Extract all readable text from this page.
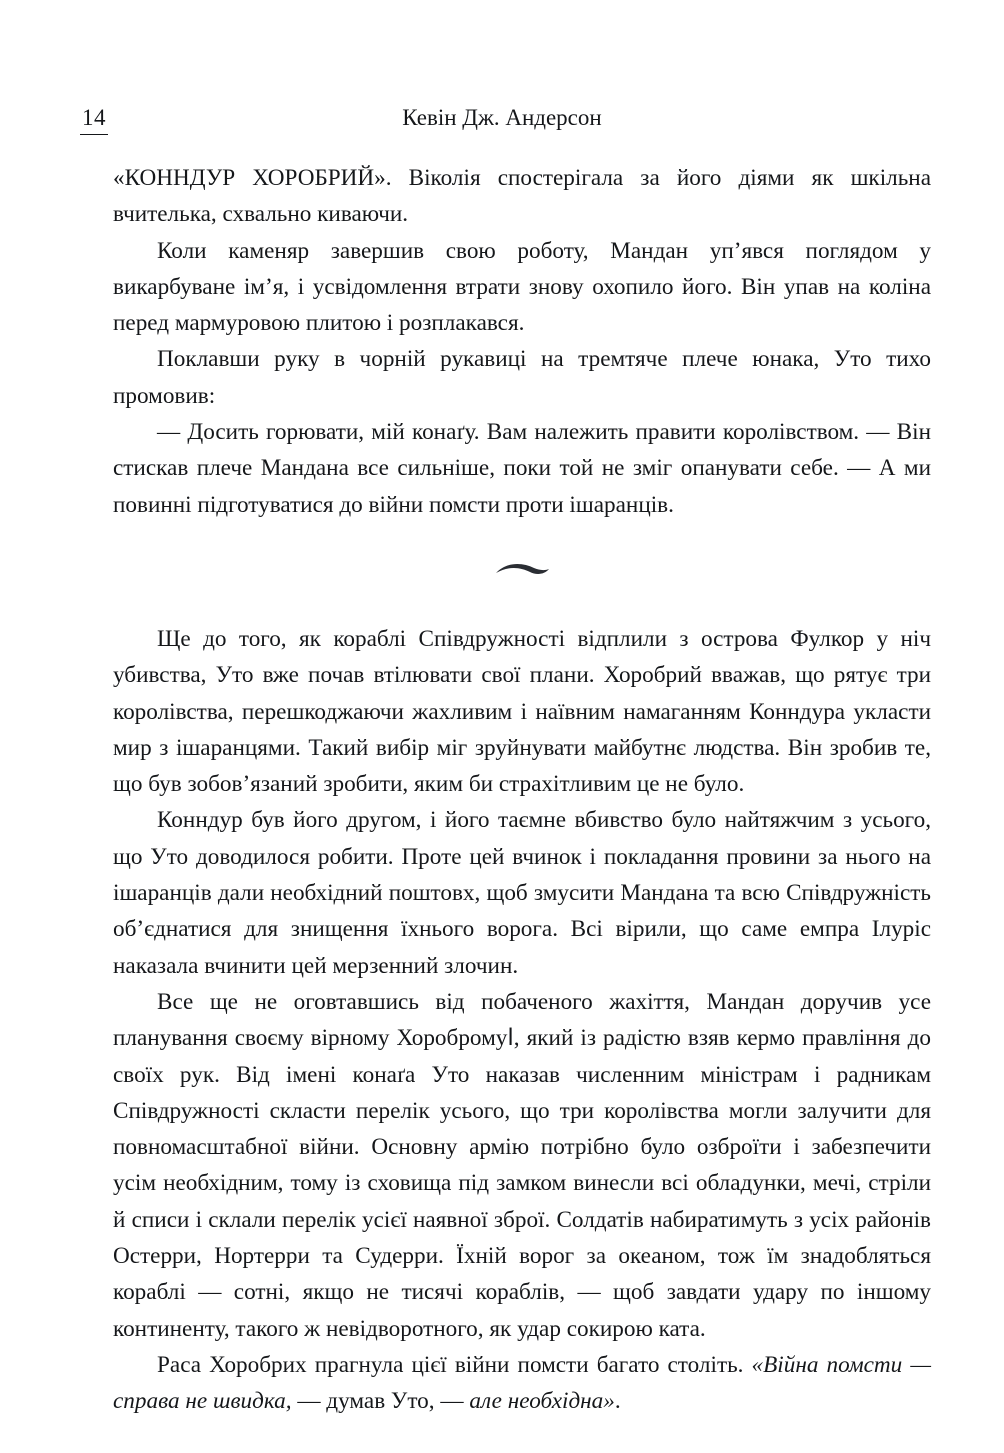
14	Кевін Дж. Андерсон

«КОННДУР ХОРОБРИЙ». Віколія спостерігала за його діями як шкільна вчителька, схвально киваючи.

Коли каменяр завершив свою роботу, Мандан уп’явся поглядом у викарбуване ім’я, і усвідомлення втрати знову охопило його. Він упав на коліна перед мармуровою плитою і розплакався.

Поклавши руку в чорній рукавиці на тремтяче плече юнака, Уто тихо промовив:

— Досить горювати, мій конаґу. Вам належить правити королівством. — Він стискав плече Мандана все сильніше, поки той не зміг опанувати себе. — А ми повинні підготуватися до війни помсти проти ішаранців.

Ще до того, як кораблі Співдружності відплили з острова Фулкор у ніч убивства, Уто вже почав втілювати свої плани. Хоробрий вважав, що рятує три королівства, перешкоджаючи жахливим і наївним намаганням Конндура укласти мир з ішаранцями. Такий вибір міг зруйнувати майбутнє людства. Він зробив те, що був зобов’язаний зробити, яким би страхітливим це не було.

Конндур був його другом, і його таємне вбивство було найтяжчим з усього, що Уто доводилося робити. Проте цей вчинок і покладання провини за нього на ішаранців дали необхідний поштовх, щоб змусити Мандана та всю Співдружність об’єднатися для знищення їхнього ворога. Всі вірили, що саме емпра Ілуріс наказала вчинити цей мерзенний злочин.

Все ще не оговтавшись від побаченого жахіття, Мандан доручив усе планування своєму вірному Хоробромуا, який із радістю взяв кермо правління до своїх рук. Від імені конаґа Уто наказав численним міністрам і радникам Співдружності скласти перелік усього, що три королівства могли залучити для повномасштабної війни. Основну армію потрібно було озброїти і забезпечити усім необхідним, тому із сховища під замком винесли всі обладунки, мечі, стріли й списи і склали перелік усієї наявної зброї. Солдатів набиратимуть з усіх районів Остерри, Нортерри та Судерри. Їхній ворог за океаном, тож їм знадобляться кораблі — сотні, якщо не тисячі кораблів, — щоб завдати удару по іншому континенту, такого ж невідворотного, як удар сокирою ката.

Раса Хоробрих прагнула цієї війни помсти багато століть. «Війна помсти — справа не швидка, — думав Уто, — але необхідна».
